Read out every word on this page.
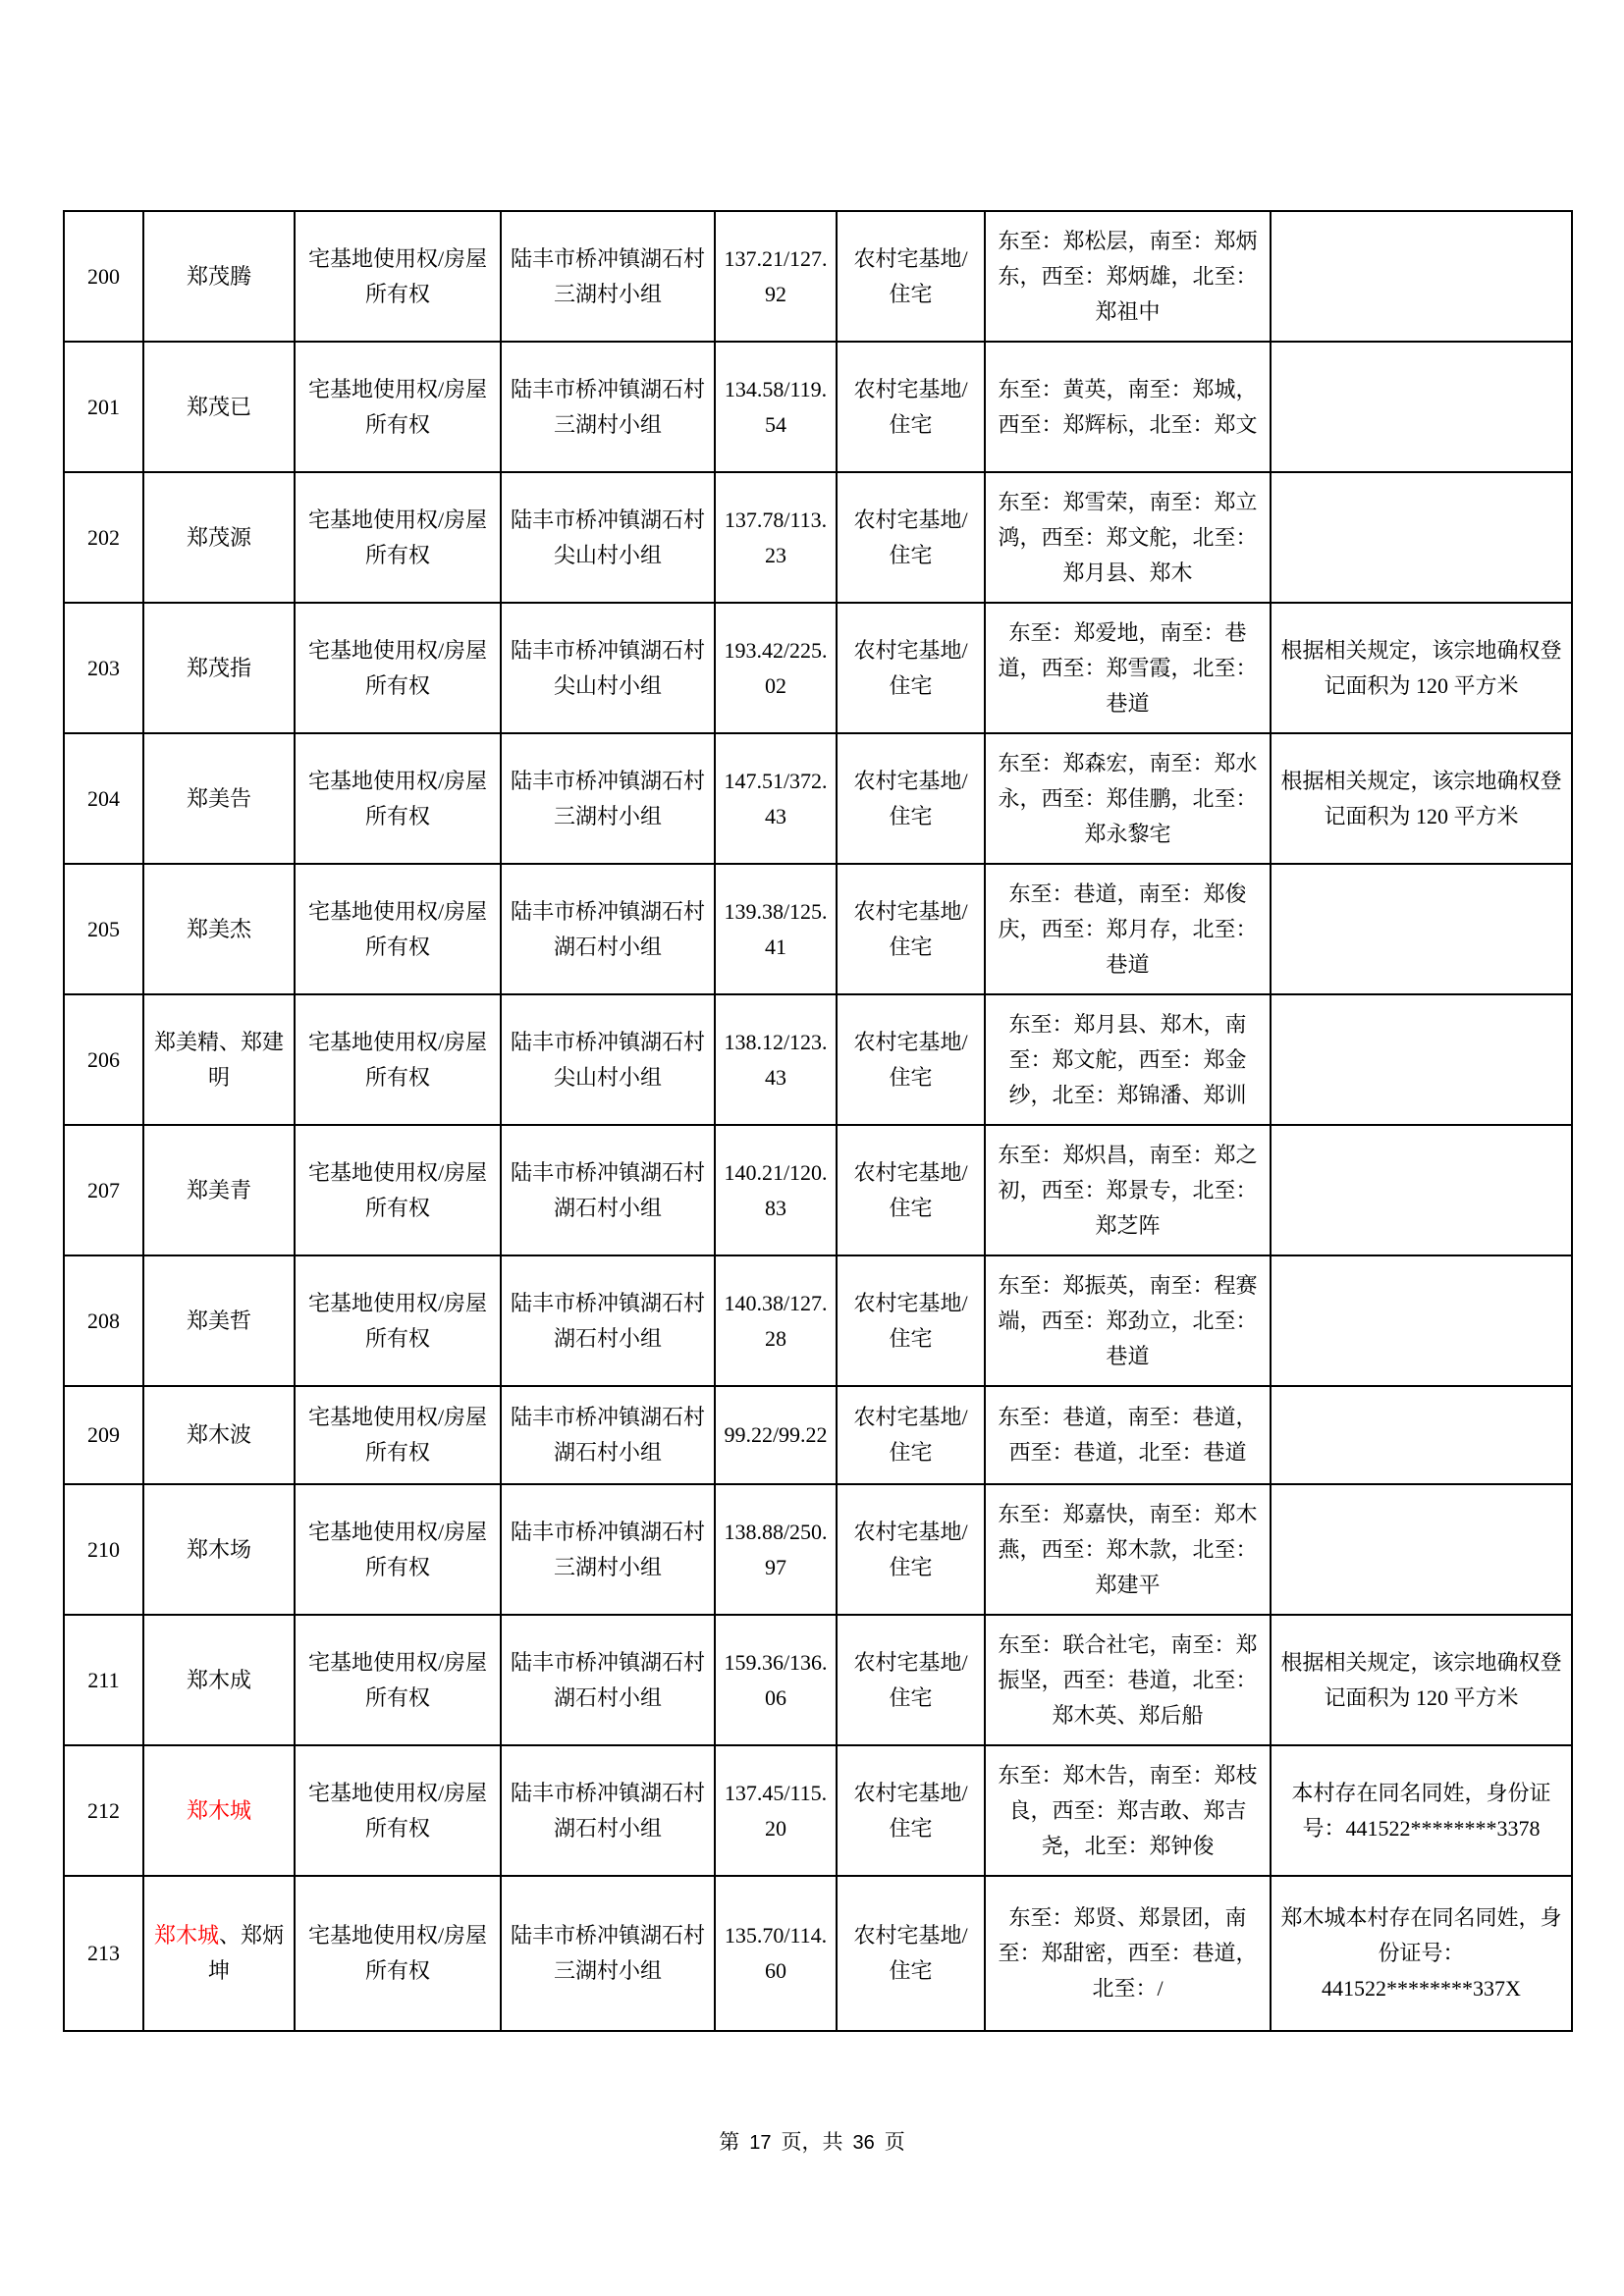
200	郑茂腾	宅基地使用权/房屋所有权	陆丰市桥冲镇湖石村三湖村小组	137.21/127.92	农村宅基地/住宅	东至：郑松层，南至：郑炳东，西至：郑炳雄，北至：郑祖中	
201	郑茂已	宅基地使用权/房屋所有权	陆丰市桥冲镇湖石村三湖村小组	134.58/119.54	农村宅基地/住宅	东至：黄英，南至：郑城，西至：郑辉标，北至：郑文	
202	郑茂源	宅基地使用权/房屋所有权	陆丰市桥冲镇湖石村尖山村小组	137.78/113.23	农村宅基地/住宅	东至：郑雪荣，南至：郑立鸿，西至：郑文舵，北至：郑月县、郑木	
203	郑茂指	宅基地使用权/房屋所有权	陆丰市桥冲镇湖石村尖山村小组	193.42/225.02	农村宅基地/住宅	东至：郑爱地，南至：巷道，西至：郑雪霞，北至：巷道	根据相关规定，该宗地确权登记面积为 120 平方米
204	郑美告	宅基地使用权/房屋所有权	陆丰市桥冲镇湖石村三湖村小组	147.51/372.43	农村宅基地/住宅	东至：郑森宏，南至：郑水永，西至：郑佳鹏，北至：郑永黎宅	根据相关规定，该宗地确权登记面积为 120 平方米
205	郑美杰	宅基地使用权/房屋所有权	陆丰市桥冲镇湖石村湖石村小组	139.38/125.41	农村宅基地/住宅	东至：巷道，南至：郑俊庆，西至：郑月存，北至：巷道	
206	郑美精、郑建明	宅基地使用权/房屋所有权	陆丰市桥冲镇湖石村尖山村小组	138.12/123.43	农村宅基地/住宅	东至：郑月县、郑木，南至：郑文舵，西至：郑金纱，北至：郑锦潘、郑训	
207	郑美青	宅基地使用权/房屋所有权	陆丰市桥冲镇湖石村湖石村小组	140.21/120.83	农村宅基地/住宅	东至：郑炽昌，南至：郑之初，西至：郑景专，北至：郑芝阵	
208	郑美哲	宅基地使用权/房屋所有权	陆丰市桥冲镇湖石村湖石村小组	140.38/127.28	农村宅基地/住宅	东至：郑振英，南至：程赛端，西至：郑劲立，北至：巷道	
209	郑木波	宅基地使用权/房屋所有权	陆丰市桥冲镇湖石村湖石村小组	99.22/99.22	农村宅基地/住宅	东至：巷道，南至：巷道，西至：巷道，北至：巷道	
210	郑木场	宅基地使用权/房屋所有权	陆丰市桥冲镇湖石村三湖村小组	138.88/250.97	农村宅基地/住宅	东至：郑嘉快，南至：郑木燕，西至：郑木款，北至：郑建平	
211	郑木成	宅基地使用权/房屋所有权	陆丰市桥冲镇湖石村湖石村小组	159.36/136.06	农村宅基地/住宅	东至：联合社宅，南至：郑振坚，西至：巷道，北至：郑木英、郑后船	根据相关规定，该宗地确权登记面积为 120 平方米
212	郑木城	宅基地使用权/房屋所有权	陆丰市桥冲镇湖石村湖石村小组	137.45/115.20	农村宅基地/住宅	东至：郑木告，南至：郑枝良，西至：郑吉敢、郑吉尧，北至：郑钟俊	本村存在同名同姓，身份证号：441522********3378
213	郑木城、郑炳坤	宅基地使用权/房屋所有权	陆丰市桥冲镇湖石村三湖村小组	135.70/114.60	农村宅基地/住宅	东至：郑贤、郑景团，南至：郑甜密，西至：巷道，北至：/	郑木城本村存在同名同姓，身份证号：441522********337X
第 17 页，共 36 页
